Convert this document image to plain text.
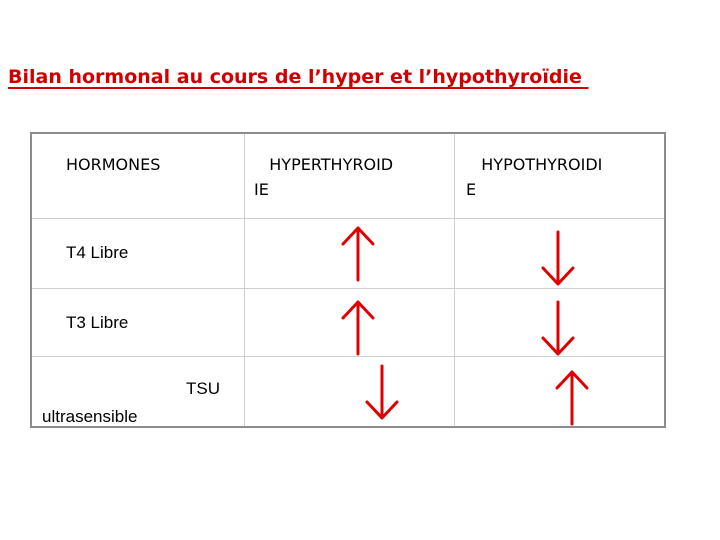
Bilan hormonal au cours de l’hyper et l’hypothyroïdie
HORMONES	HYPERTHYROID
IE
HYPOTHYROIDI
E
T4 Libre
T3 Libre
TSU
ultrasensible
